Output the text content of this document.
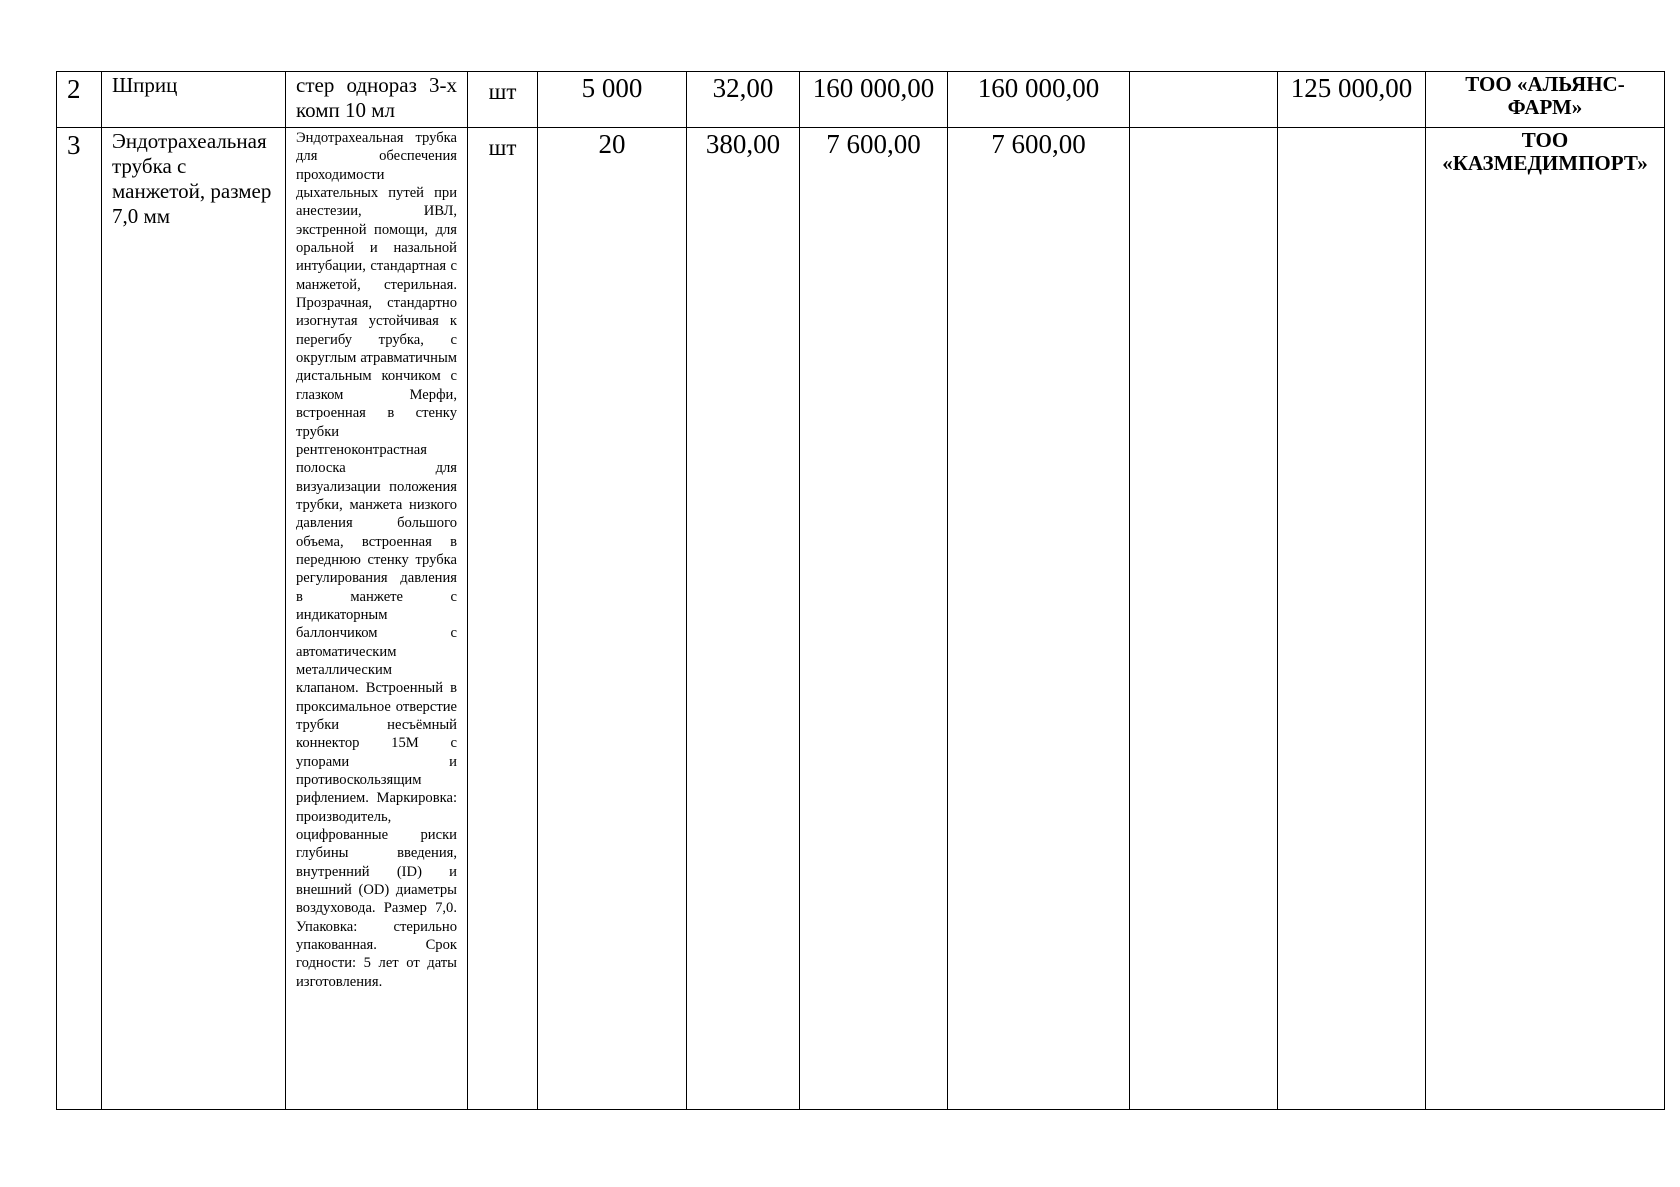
2	Шприц	стер однораз 3-х комп 10 мл	шт	5 000	32,00	160 000,00	160 000,00		125 000,00	ТОО «АЛЬЯНС-ФАРМ»
3	Эндотрахеальная трубка с манжетой, размер 7,0 мм	Эндотрахеальная трубка для обеспечения проходимости дыхательных путей при анестезии, ИВЛ, экстренной помощи, для оральной и назальной интубации, стандартная с манжетой, стерильная. Прозрачная, стандартно изогнутая устойчивая к перегибу трубка, с округлым атравматичным дистальным кончиком с глазком Мерфи, встроенная в стенку трубки рентгеноконтрастная полоска для визуализации положения трубки, манжета низкого давления большого объема, встроенная в переднюю стенку трубка регулирования давления в манжете с индикаторным баллончиком с автоматическим металлическим клапаном. Встроенный в проксимальное отверстие трубки несъёмный коннектор 15М с упорами и противоскользящим рифлением. Маркировка: производитель, оцифрованные риски глубины введения, внутренний (ID) и внешний (OD) диаметры воздуховода. Размер 7,0. Упаковка: стерильно упакованная. Срок годности: 5 лет от даты изготовления.	шт	20	380,00	7 600,00	7 600,00			ТОО «КАЗМЕДИМПОРТ»
